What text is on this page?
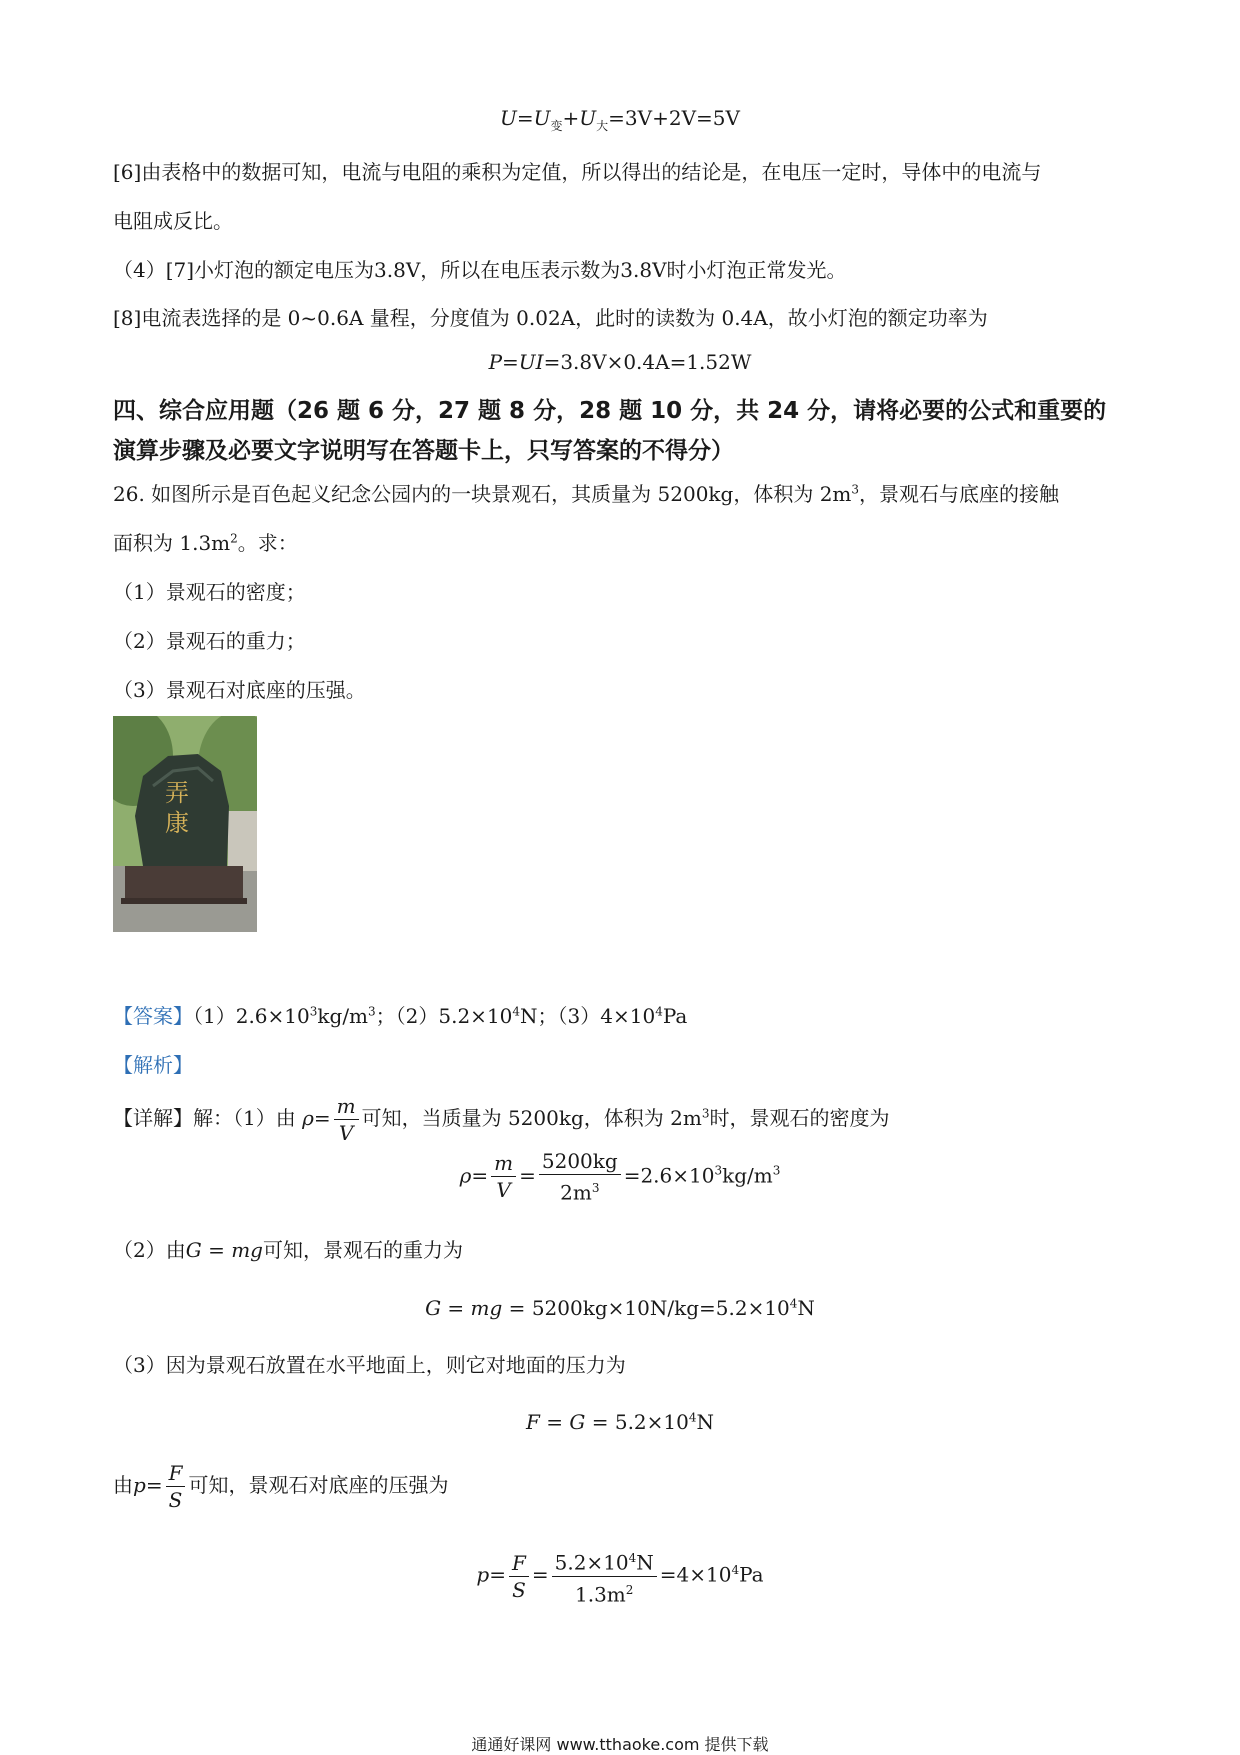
$U=U_变+U_大=3V+2V=5V$
[6]由表格中的数据可知，电流与电阻的乘积为定值，所以得出的结论是，在电压一定时，导体中的电流与
电阻成反比。
（4）[7]小灯泡的额定电压为3.8V，所以在电压表示数为3.8V时小灯泡正常发光。
[8]电流表选择的是 0~0.6A 量程，分度值为 0.02A，此时的读数为 0.4A，故小灯泡的额定功率为
P=UI=3.8V×0.4A=1.52W
四、综合应用题（26 题 6 分，27 题 8 分，28 题 10 分，共 24 分，请将必要的公式和重要的
演算步骤及必要文字说明写在答题卡上，只写答案的不得分）
26. 如图所示是百色起义纪念公园内的一块景观石，其质量为 5200kg，体积为 $2m^3$，景观石与底座的接触
面积为 $1.3m^2$。求：
（1）景观石的密度；
（2）景观石的重力；
（3）景观石对底座的压强。
弄康
【答案】$(1)2.6\times 10^3kg/m^3$；$(2)5.2\times 10^4N$；$(3)4\times 10^4Pa$
【解析】
【详解】解：（1）由 $\rho= \frac{m}{V}$ 可知，当质量为 5200kg，体积为 $2m^3$时，景观石的密度为
$\rho= \frac{m}{V} = \frac{5200kg}{2m^3} =2.6\times 10^3kg/m^3$
（2）由G = mg可知，景观石的重力为
G = mg = $5200kg\times 10N/kg=5.2\times 10^4N$
（3）因为景观石放置在水平地面上，则它对地面的压力为
$F = G = 5.2\times 10^4N$
由$p= \frac{F}{S}$ 可知，景观石对底座的压强为
$p= \frac{F}{S} = \frac{5.2\times 10^4N}{1.3m^2} =4\times 10^4Pa$
通通好课网 www.tthaoke.com 提供下载
